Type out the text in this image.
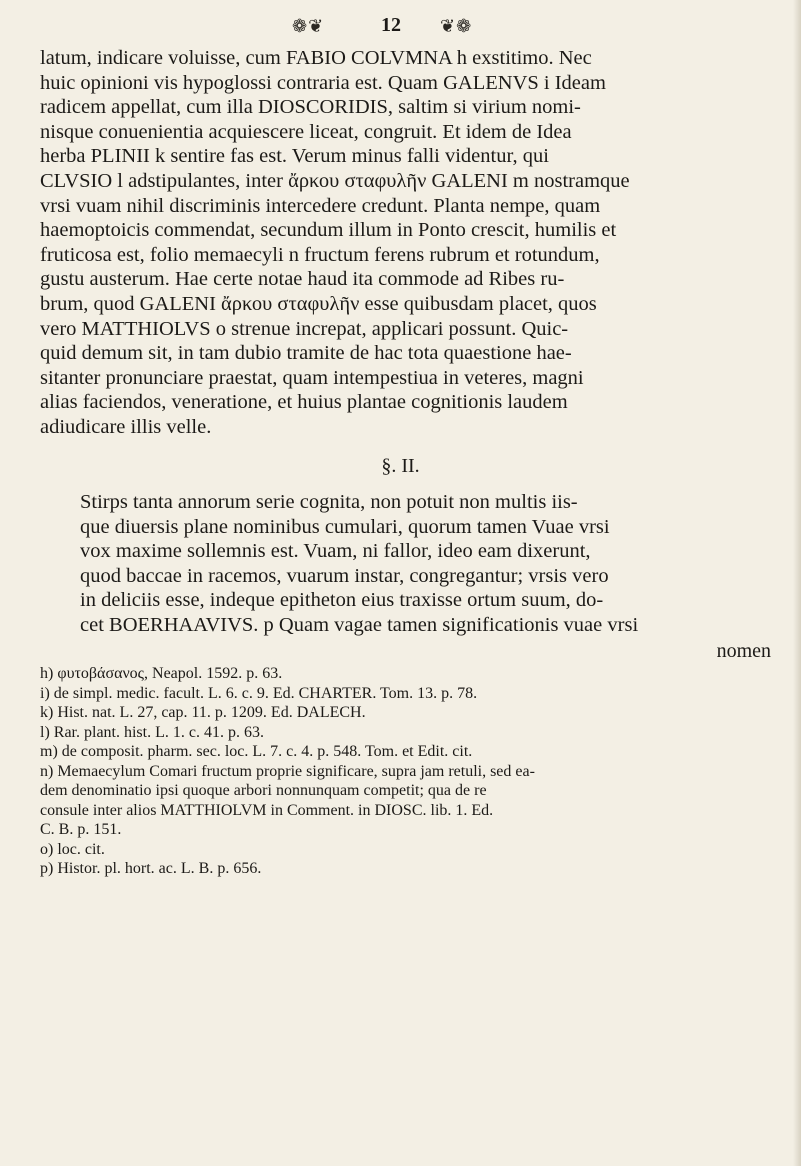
❁❦	12 ❦❁

latum, indicare voluisse, cum FABIO COLVMNA h exstitimo. Nec

huic opinioni vis hypoglossi contraria est. Quam GALENVS i Ideam

radicem appellat, cum illa DIOSCORIDIS, saltim si virium nomi-

nisque conuenientia acquiescere liceat, congruit. Et idem de Idea

herba PLINII k sentire fas est. Verum minus falli videntur, qui

CLVSIO l adstipulantes, inter ἄρκου σταφυλῆν GALENI m nostramque

vrsi vuam nihil discriminis intercedere credunt. Planta nempe, quam

haemoptoicis commendat, secundum illum in Ponto crescit, humilis et

fruticosa est, folio memaecyli n fructum ferens rubrum et rotundum,

gustu austerum. Hae certe notae haud ita commode ad Ribes ru-

brum, quod GALENI ἄρκου σταφυλῆν esse quibusdam placet, quos

vero MATTHIOLVS o strenue increpat, applicari possunt. Quic-

quid demum sit, in tam dubio tramite de hac tota quaestione hae-

sitanter pronunciare praestat, quam intempestiua in veteres, magni

alias faciendos, veneratione, et huius plantae cognitionis laudem

adiudicare illis velle.

§. II.

Stirps tanta annorum serie cognita, non potuit non multis iis-

que diuersis plane nominibus cumulari, quorum tamen Vuae vrsi

vox maxime sollemnis est. Vuam, ni fallor, ideo eam dixerunt,

quod baccae in racemos, vuarum instar, congregantur; vrsis vero

in deliciis esse, indeque epitheton eius traxisse ortum suum, do-

cet BOERHAAVIVS. p Quam vagae tamen significationis vuae vrsi

nomen

h) φυτοβάσανος, Neapol. 1592. p. 63.

i) de simpl. medic. facult. L. 6. c. 9. Ed. CHARTER. Tom. 13. p. 78.

k) Hist. nat. L. 27, cap. 11. p. 1209. Ed. DALECH.

l) Rar. plant. hist. L. 1. c. 41. p. 63.

m) de composit. pharm. sec. loc. L. 7. c. 4. p. 548. Tom. et Edit. cit.

n) Memaecylum Comari fructum proprie significare, supra jam retuli, sed ea-

dem denominatio ipsi quoque arbori nonnunquam competit; qua de re

consule inter alios MATTHIOLVM in Comment. in DIOSC. lib. 1. Ed.

C. B. p. 151.

o) loc. cit.

p) Histor. pl. hort. ac. L. B. p. 656.
